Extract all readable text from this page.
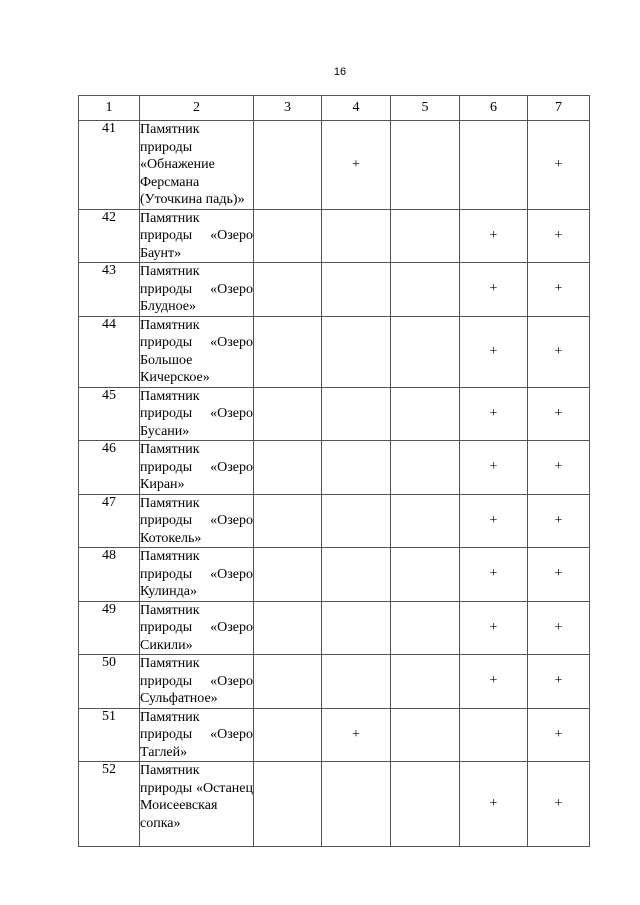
16
1	2	3	4	5	6	7
41	Памятник природы «Обнажение Ферсмана (Уточкина падь)»		+			+
42	Памятник природы «Озеро Баунт»				+	+
43	Памятник природы «Озеро Блудное»				+	+
44	Памятник природы «Озеро Большое Кичерское»				+	+
45	Памятник природы «Озеро Бусани»				+	+
46	Памятник природы «Озеро Киран»				+	+
47	Памятник природы «Озеро Котокель»				+	+
48	Памятник природы «Озеро Кулинда»				+	+
49	Памятник природы «Озеро Сикили»				+	+
50	Памятник природы «Озеро Сульфатное»				+	+
51	Памятник природы «Озеро Таглей»		+			+
52	Памятник природы «Останец Моисеевская сопка»				+	+
